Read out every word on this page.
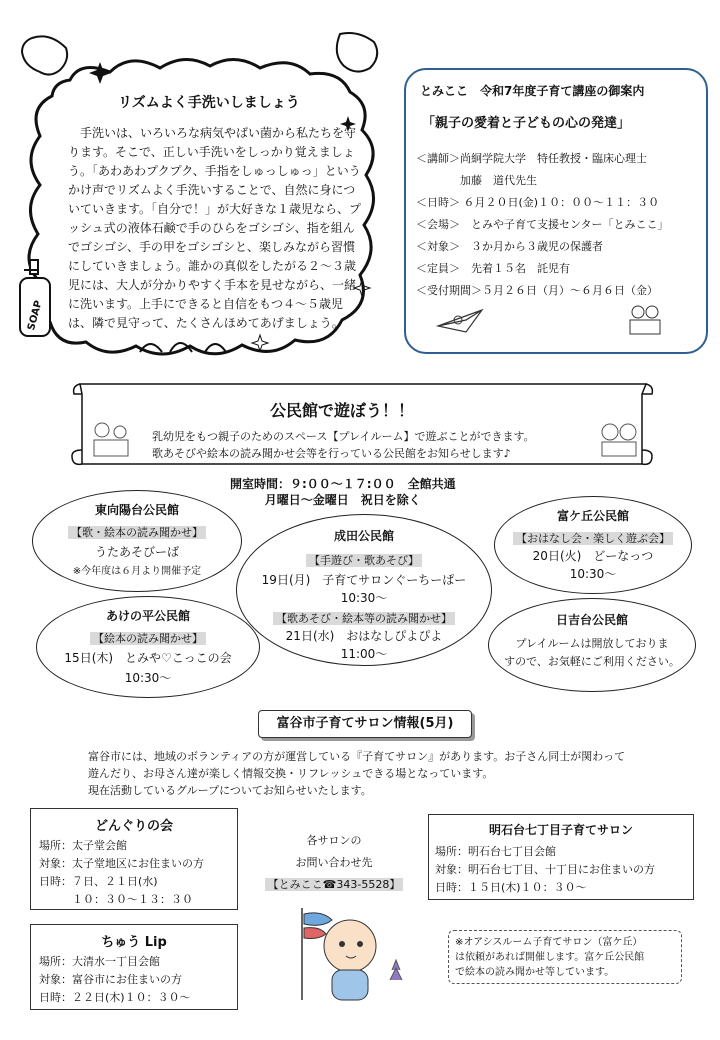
SOAP
リズムよく手洗いしましょう
　手洗いは、いろいろな病気やばい菌から私たちを守
ります。そこで、正しい手洗いをしっかり覚えましょ
う。「あわあわプクプク、手指をしゅっしゅっ」という
かけ声でリズムよく手洗いすることで、自然に身につ
いていきます。「自分で！」が大好きな１歳児なら、プ
ッシュ式の液体石鹸で手のひらをゴシゴシ、指を組ん
でゴシゴシ、手の甲をゴシゴシと、楽しみながら習慣
にしていきましょう。誰かの真似をしたがる２～３歳
児には、大人が分かりやすく手本を見せながら、一緒
に洗います。上手にできると自信をもつ４～５歳児
は、隣で見守って、たくさんほめてあげましょう。
とみここ　令和7年度子育て講座の御案内
「親子の愛着と子どもの心の発達」
＜講師＞尚絅学院大学　特任教授・臨床心理士
　　　　加藤　道代先生
＜日時＞ ６月２０日(金)１０：００～１１：３０
＜会場＞　とみや子育て支援センター「とみここ」
＜対象＞　３か月から３歳児の保護者
＜定員＞　先着１５名　託児有
＜受付期間＞５月２６日（月）～６月６日（金）
公民館で遊ぼう！！
乳幼児をもつ親子のためのスペース【プレイルーム】で遊ぶことができます。
歌あそびや絵本の読み聞かせ会等を行っている公民館をお知らせします♪
開室時間：９:００～１７:００　全館共通
月曜日～金曜日　祝日を除く
東向陽台公民館
【歌・絵本の読み聞かせ】
うたあそびーば
※今年度は６月より開催予定
成田公民館
【手遊び・歌あそび】
19日(月)　子育てサロンぐーちーぱー
10:30～
【歌あそび・絵本等の読み聞かせ】
21日(水)　おはなしぴよぴよ
11:00～
富ケ丘公民館
【おはなし会・楽しく遊ぶ会】
20日(火)　どーなっつ
10:30～
あけの平公民館
【絵本の読み聞かせ】
15日(木)　とみや♡こっこの会
10:30～
日吉台公民館
プレイルームは開放しておりま
すので、お気軽にご利用ください。
富谷市子育てサロン情報(5月)
富谷市には、地域のボランティアの方が運営している『子育てサロン』があります。お子さん同士が関わって
遊んだり、お母さん達が楽しく情報交換・リフレッシュできる場となっています。
現在活動しているグループについてお知らせいたします。
どんぐりの会
場所：太子堂会館
対象：太子堂地区にお住まいの方
日時：７日、２１日(水)
　　　１０：３０～１３：３０
ちゅう Lip
場所：大清水一丁目会館
対象：富谷市にお住まいの方
日時：２２日(木)１０：３０～
各サロンの
お問い合わせ先
【とみここ☎343-5528】
明石台七丁目子育てサロン
場所：明石台七丁目会館
対象：明石台七丁目、十丁目にお住まいの方
日時：１５日(木)１０：３０～
※オアシスルーム子育てサロン（富ケ丘）
は依頼があれば開催します。富ケ丘公民館
で絵本の読み聞かせ等しています。
